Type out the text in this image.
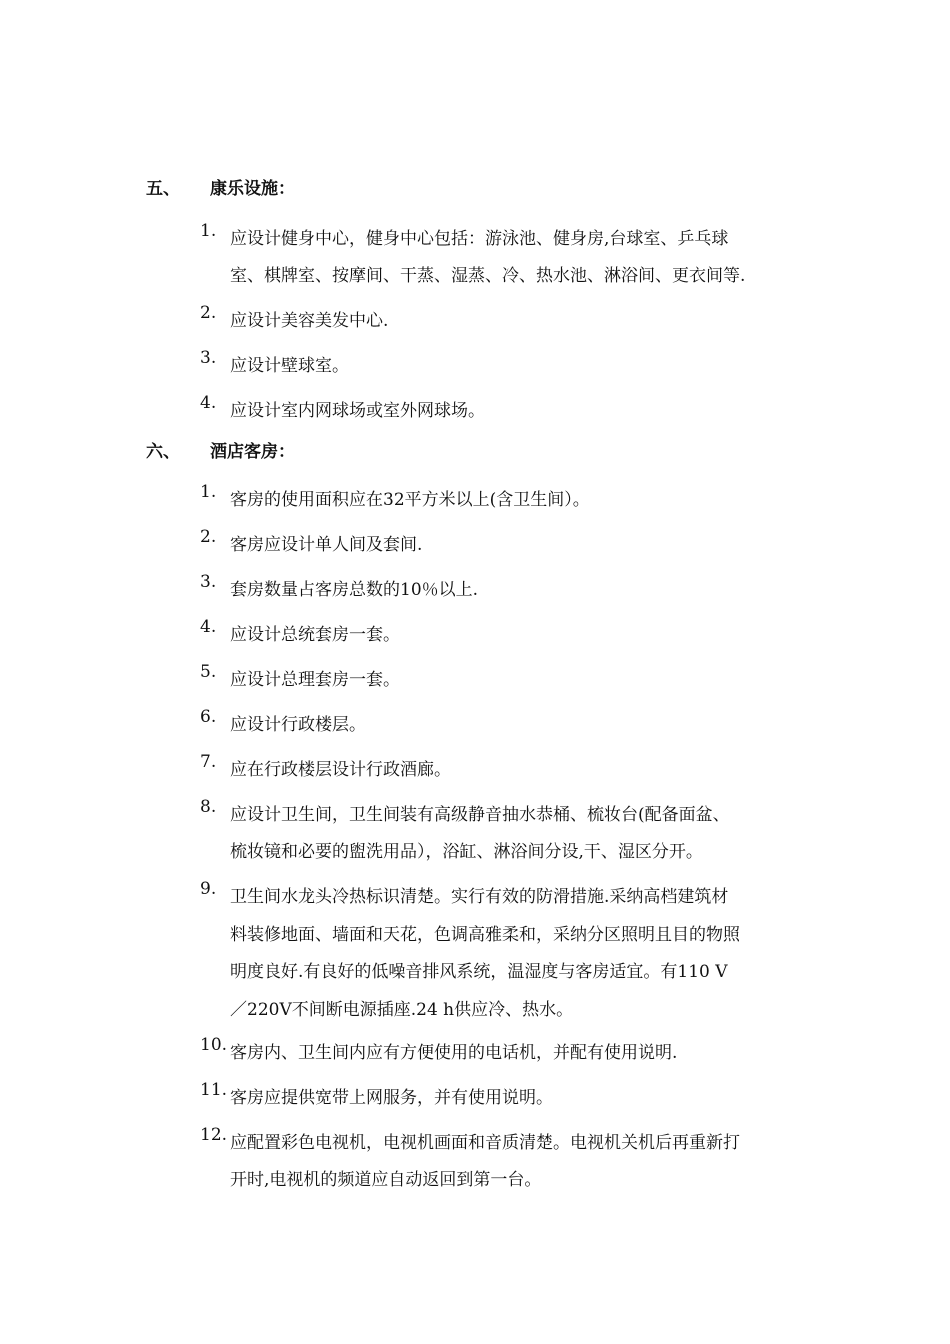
五、 康乐设施：
1. 应设计健身中心，健身中心包括：游泳池、健身房,台球室、乒乓球
室、棋牌室、按摩间、干蒸、湿蒸、冷、热水池、淋浴间、更衣间等.
2. 应设计美容美发中心.
3. 应设计壁球室。
4. 应设计室内网球场或室外网球场。
六、 酒店客房：
1. 客房的使用面积应在32平方米以上(含卫生间）。
2. 客房应设计单人间及套间.
3. 套房数量占客房总数的10％以上.
4. 应设计总统套房一套。
5. 应设计总理套房一套。
6. 应设计行政楼层。
7. 应在行政楼层设计行政酒廊。
8. 应设计卫生间，卫生间装有高级静音抽水恭桶、梳妆台(配备面盆、
梳妆镜和必要的盥洗用品），浴缸、淋浴间分设,干、湿区分开。
9. 卫生间水龙头冷热标识清楚。实行有效的防滑措施.采纳高档建筑材
料装修地面、墙面和天花，色调高雅柔和，采纳分区照明且目的物照
明度良好.有良好的低噪音排风系统，温湿度与客房适宜。有110 V
／220V不间断电源插座.24 h供应冷、热水。
10. 客房内、卫生间内应有方便使用的电话机，并配有使用说明.
11. 客房应提供宽带上网服务，并有使用说明。
12. 应配置彩色电视机，电视机画面和音质清楚。电视机关机后再重新打
开时,电视机的频道应自动返回到第一台。
